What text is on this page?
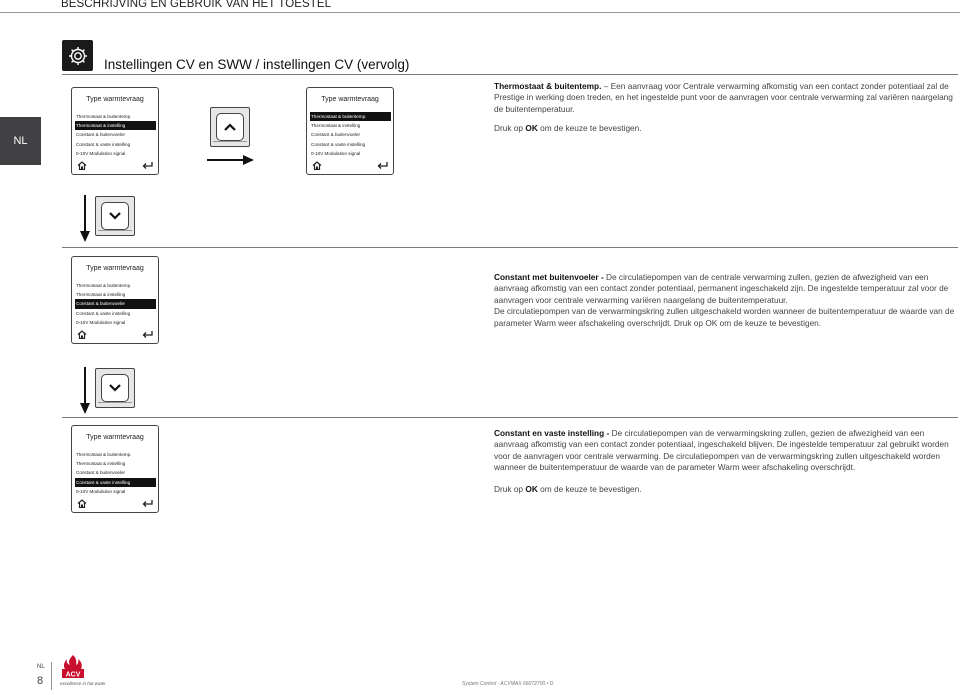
BESCHRIJVING EN GEBRUIK VAN HET TOESTEL
Instellingen CV en SWW / instellingen CV (vervolg)
NL
Type warmtevraag
Thermostaat & buitentemp.
Thermostaat & instelling
Constant & buitenvoeler
Constant & vaste instelling
0-10V Modulation signal
Type warmtevraag
Thermostaat & buitentemp.
Thermostaat & instelling
Constant & buitenvoeler
Constant & vaste instelling
0-10V Modulation signal

Thermostaat & buitentemp. – Een aanvraag voor Centrale verwarming afkomstig van een contact zonder potentiaal zal de Prestige in werking doen treden, en het ingestelde punt voor de aanvragen voor centrale verwarming zal variëren naargelang de buitentemperatuur.

Druk op OK om de keuze te bevestigen.

Type warmtevraag
Thermostaat & buitentemp.
Thermostaat & instelling
Constant & buitenvoeler
Constant & vaste instelling
0-10V Modulation signal

Constant met buitenvoeler - De circulatiepompen van de centrale verwarming zullen, gezien de afwezigheid van een aanvraag afkomstig van een contact zonder potentiaal, permanent ingeschakeld zijn. De ingestelde temperatuur zal voor de aanvragen voor centrale verwarming variëren naargelang de buitentemperatuur.

De circulatiepompen van de verwarmingskring zullen uitgeschakeld worden wanneer de buitentemperatuur de waarde van de parameter Warm weer afschakeling overschrijdt. Druk op OK om de keuze te bevestigen.

Type warmtevraag
Thermostaat & buitentemp.
Thermostaat & instelling
Constant & buitenvoeler
Constant & vaste instelling
0-10V Modulation signal

Constant en vaste instelling - De circulatiepompen van de verwarmingskring zullen, gezien de afwezigheid van een aanvraag afkomstig van een contact zonder potentiaal, ingeschakeld blijven. De ingestelde temperatuur zal gebruikt worden voor de aanvragen voor centrale verwarming. De circulatiepompen van de verwarmingskring zullen uitgeschakeld worden wanneer de buitentemperatuur de waarde van de parameter Warm weer afschakeling overschrijdt.

Druk op OK om de keuze te bevestigen.

NL
8	ACV
excellence in hot water	System Control - ACVMAX 66072700 • D
